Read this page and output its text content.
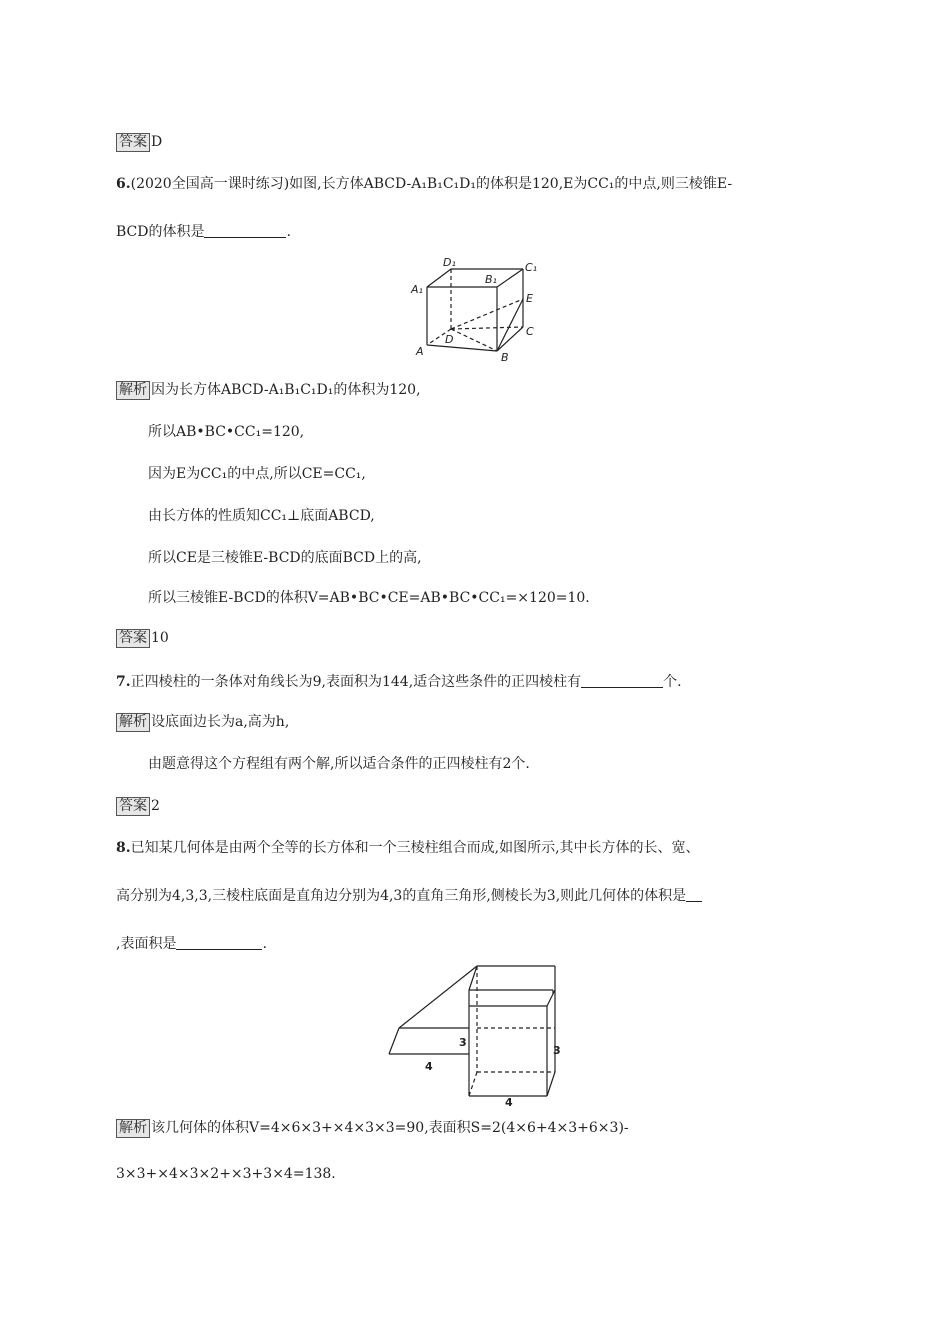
答案 D
6.(2020全国高一课时练习)如图,长方体ABCD-A₁B₁C₁D₁的体积是120,E为CC₁的中点,则三棱锥E-
BCD的体积是	.
D₁	C₁
A₁
B₁
E
C
D
A	B
解析 因为长方体ABCD-A₁B₁C₁D₁的体积为120,
所以AB•BC•CC₁=120,
因为E为CC₁的中点,所以CE=CC₁,
由长方体的性质知CC₁⊥底面ABCD,
所以CE是三棱锥E-BCD的底面BCD上的高,
所以三棱锥E-BCD的体积V=AB•BC•CE=AB•BC•CC₁=×120=10.
答案 10
7.正四棱柱的一条体对角线长为9,表面积为144,适合这些条件的正四棱柱有	个.
解析 设底面边长为a,高为h,
由题意得这个方程组有两个解,所以适合条件的正四棱柱有2个.
答案 2
8.已知某几何体是由两个全等的长方体和一个三棱柱组合而成,如图所示,其中长方体的长、宽、
高分别为4,3,3,三棱柱底面是直角边分别为4,3的直角三角形,侧棱长为3,则此几何体的体积是
,表面积是	.
3
3
4
4
解析 该几何体的体积V=4×6×3+×4×3×3=90,表面积S=2(4×6+4×3+6×3)-
3×3+×4×3×2+×3+3×4=138.
